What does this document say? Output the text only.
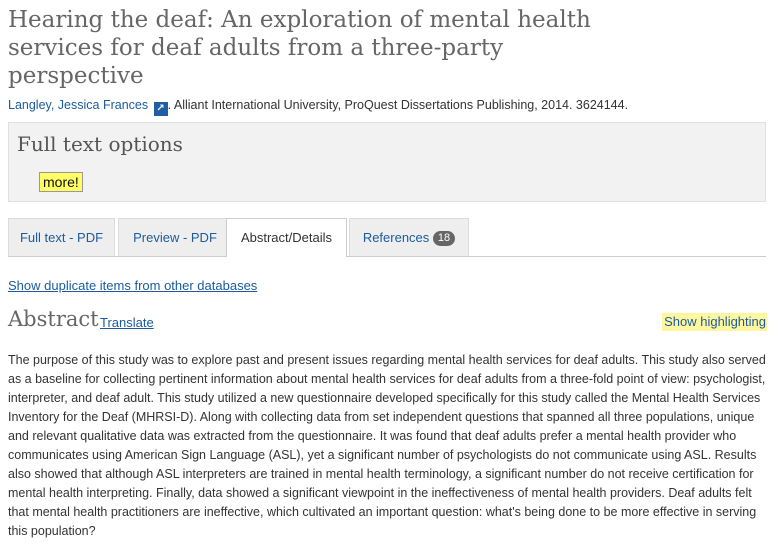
Hearing the deaf: An exploration of mental health services for deaf adults from a three-party perspective
Langley, Jessica Frances ↗ . Alliant International University, ProQuest Dissertations Publishing, 2014. 3624144.
Full text options
more!
Full text - PDF	Preview - PDF	Abstract/Details	References 18
Show duplicate items from other databases
Abstract Translate	Show highlighting

The purpose of this study was to explore past and present issues regarding mental health services for deaf adults. This study also served as a baseline for collecting pertinent information about mental health services for deaf adults from a three-fold point of view: psychologist, interpreter, and deaf adult. This study utilized a new questionnaire developed specifically for this study called the Mental Health Services Inventory for the Deaf (MHRSI-D). Along with collecting data from set independent questions that spanned all three populations, unique and relevant qualitative data was extracted from the questionnaire. It was found that deaf adults prefer a mental health provider who communicates using American Sign Language (ASL), yet a significant number of psychologists do not communicate using ASL. Results also showed that although ASL interpreters are trained in mental health terminology, a significant number do not receive certification for mental health interpreting. Finally, data showed a significant viewpoint in the ineffectiveness of mental health providers. Deaf adults felt that mental health practitioners are ineffective, which cultivated an important question: what's being done to be more effective in serving this population?
